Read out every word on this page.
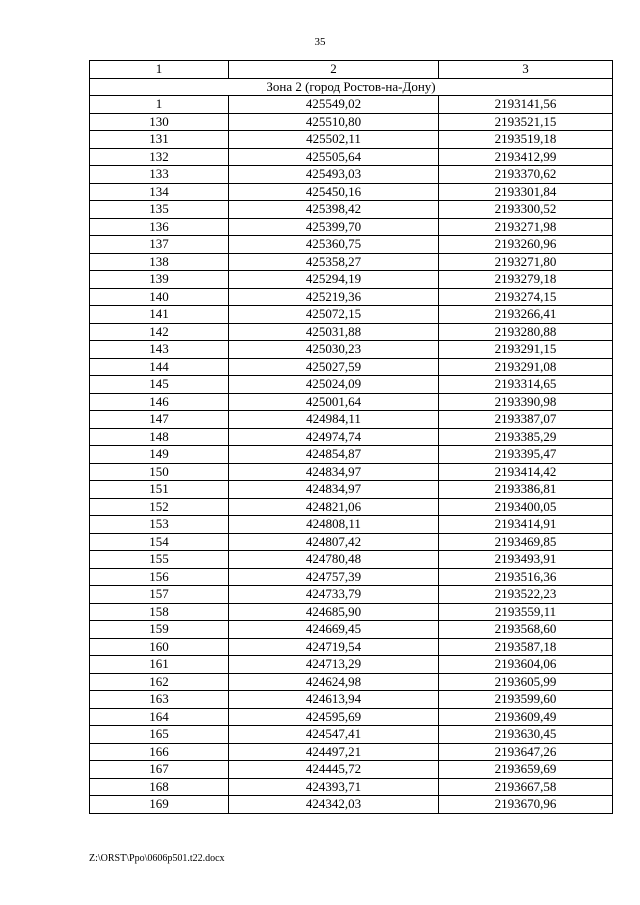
35
1	2	3
Зона 2 (город Ростов-на-Дону)		
1	425549,02	2193141,56
130	425510,80	2193521,15
131	425502,11	2193519,18
132	425505,64	2193412,99
133	425493,03	2193370,62
134	425450,16	2193301,84
135	425398,42	2193300,52
136	425399,70	2193271,98
137	425360,75	2193260,96
138	425358,27	2193271,80
139	425294,19	2193279,18
140	425219,36	2193274,15
141	425072,15	2193266,41
142	425031,88	2193280,88
143	425030,23	2193291,15
144	425027,59	2193291,08
145	425024,09	2193314,65
146	425001,64	2193390,98
147	424984,11	2193387,07
148	424974,74	2193385,29
149	424854,87	2193395,47
150	424834,97	2193414,42
151	424834,97	2193386,81
152	424821,06	2193400,05
153	424808,11	2193414,91
154	424807,42	2193469,85
155	424780,48	2193493,91
156	424757,39	2193516,36
157	424733,79	2193522,23
158	424685,90	2193559,11
159	424669,45	2193568,60
160	424719,54	2193587,18
161	424713,29	2193604,06
162	424624,98	2193605,99
163	424613,94	2193599,60
164	424595,69	2193609,49
165	424547,41	2193630,45
166	424497,21	2193647,26
167	424445,72	2193659,69
168	424393,71	2193667,58
169	424342,03	2193670,96
Z:\ORST\Ppo\0606p501.t22.docx
